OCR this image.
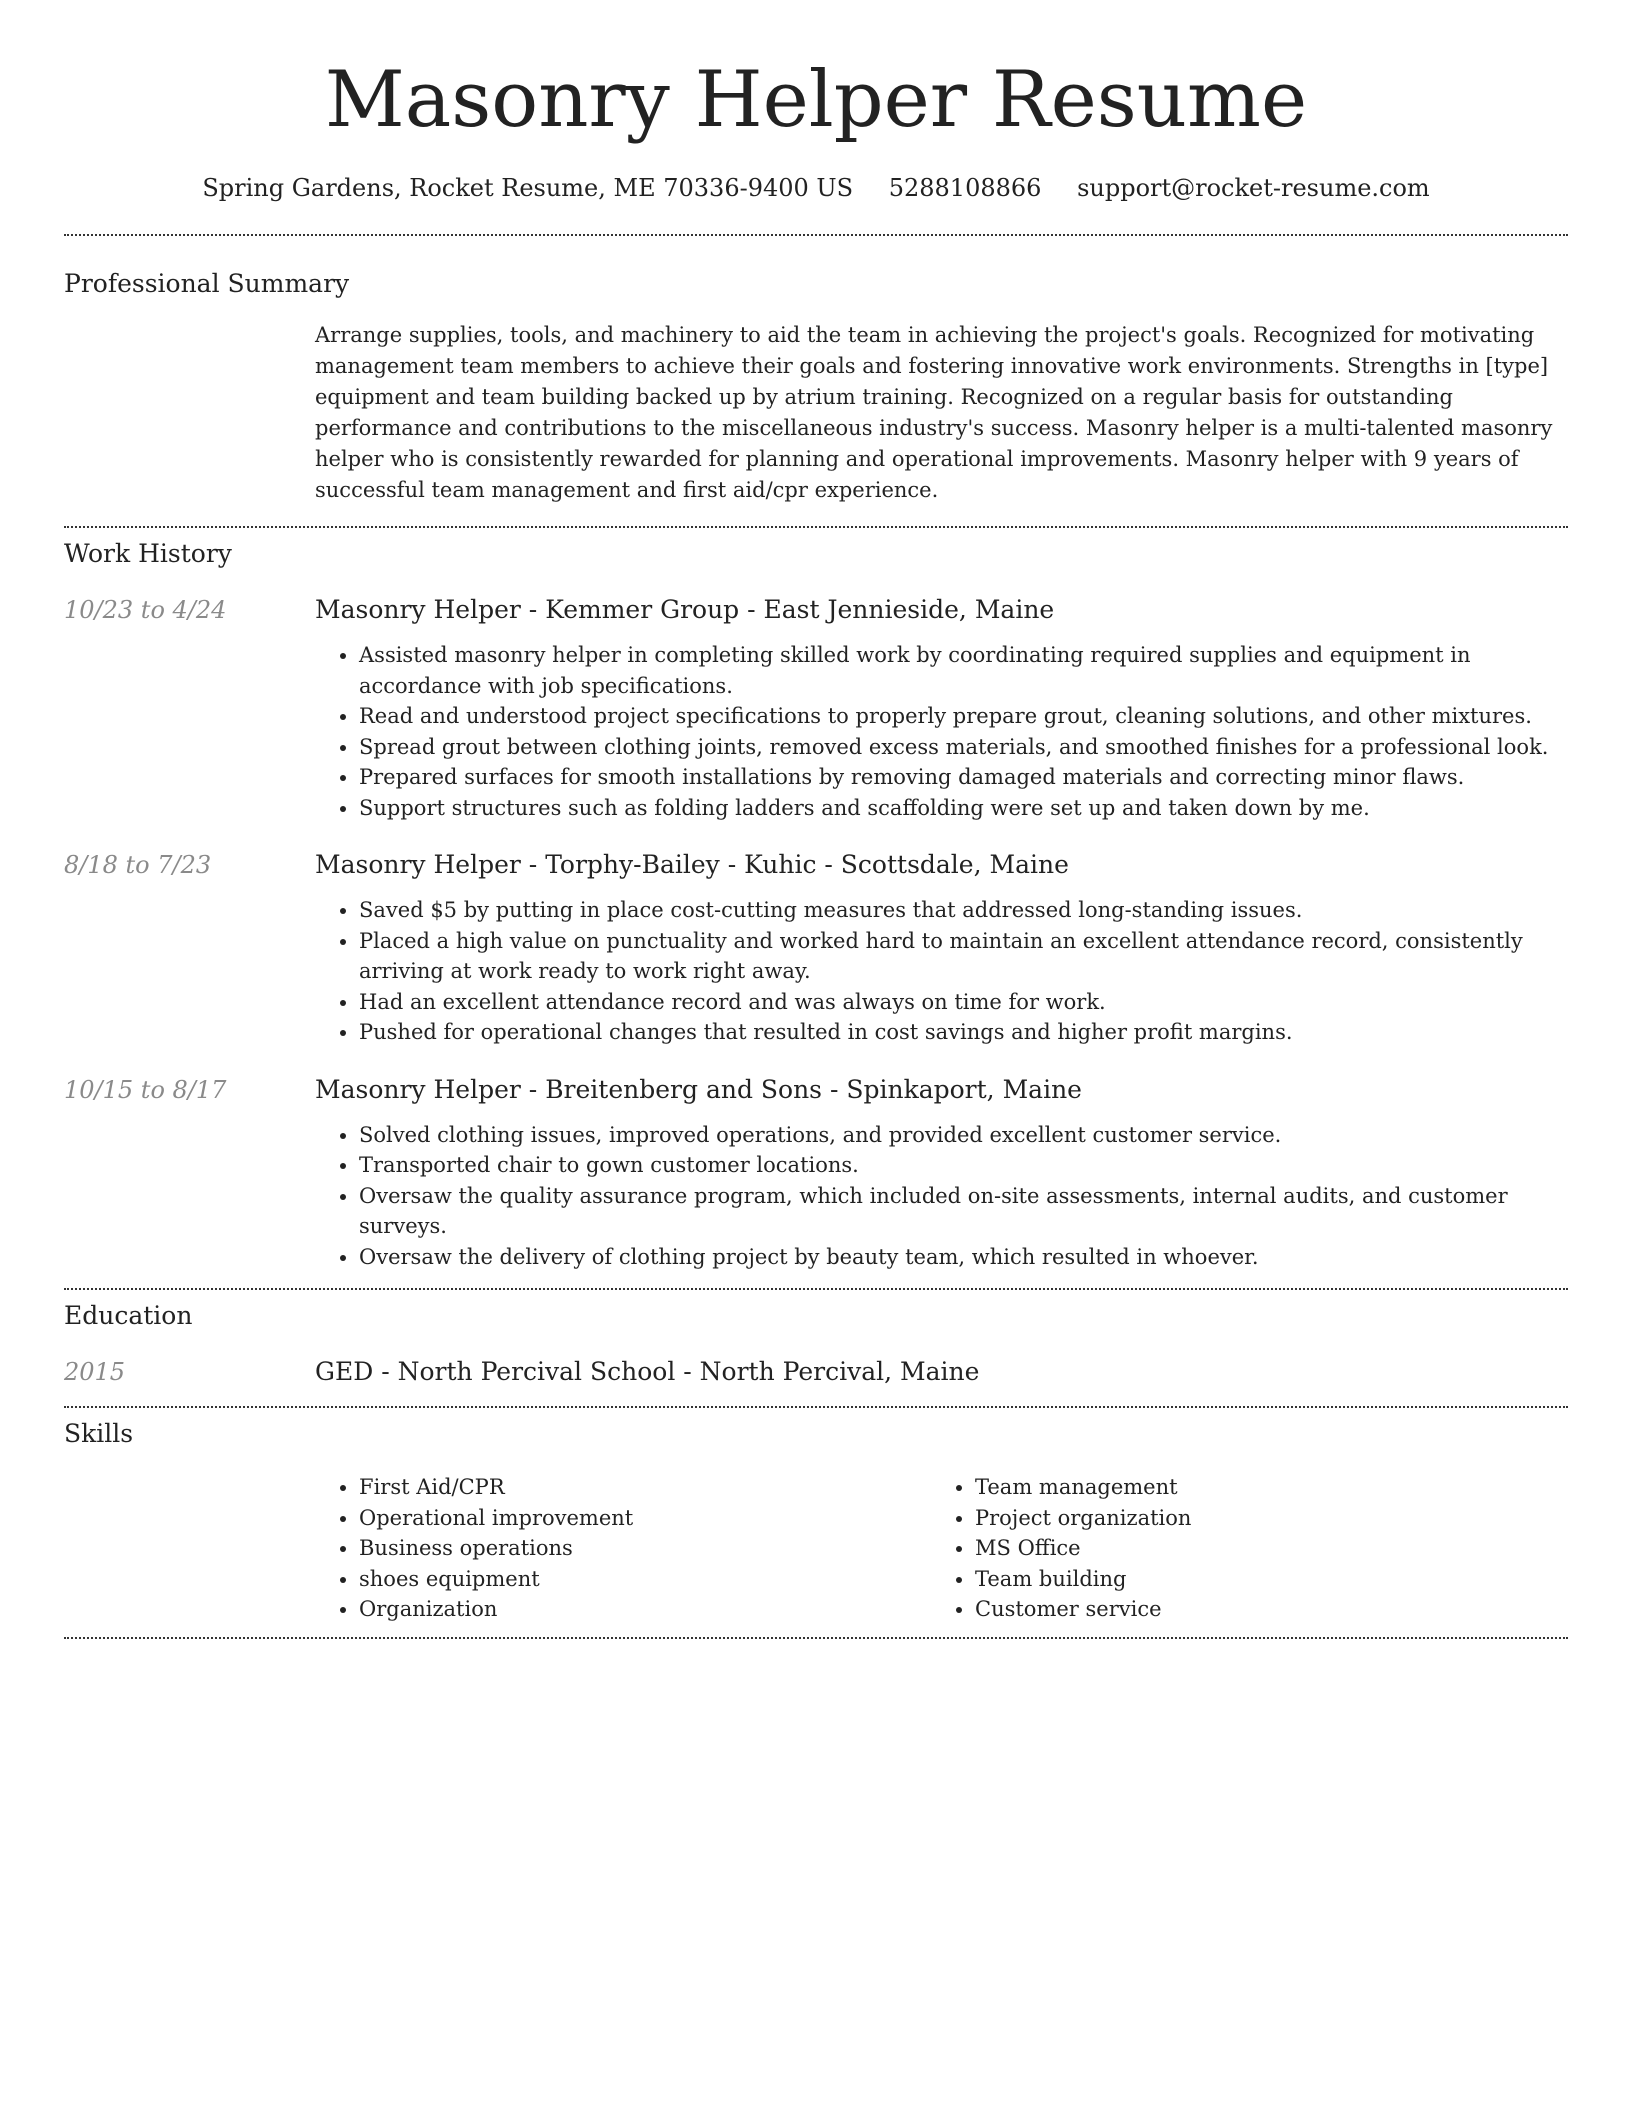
Masonry Helper Resume
Spring Gardens, Rocket Resume, ME 70336-9400 US 5288108866 support@rocket-resume.com
Professional Summary

Arrange supplies, tools, and machinery to aid the team in achieving the project's goals. Recognized for motivating management team members to achieve their goals and fostering innovative work environments. Strengths in [type] equipment and team building backed up by atrium training. Recognized on a regular basis for outstanding performance and contributions to the miscellaneous industry's success. Masonry helper is a multi-talented masonry helper who is consistently rewarded for planning and operational improvements. Masonry helper with 9 years of successful team management and first aid/cpr experience.

Work History
10/23 to 4/24	Masonry Helper - Kemmer Group - East Jennieside, Maine
• Assisted masonry helper in completing skilled work by coordinating required supplies and equipment in accordance with job specifications.
• Read and understood project specifications to properly prepare grout, cleaning solutions, and other mixtures.
• Spread grout between clothing joints, removed excess materials, and smoothed finishes for a professional look.
• Prepared surfaces for smooth installations by removing damaged materials and correcting minor flaws.
• Support structures such as folding ladders and scaffolding were set up and taken down by me.
8/18 to 7/23	Masonry Helper - Torphy-Bailey - Kuhic - Scottsdale, Maine
• Saved $5 by putting in place cost-cutting measures that addressed long-standing issues.
• Placed a high value on punctuality and worked hard to maintain an excellent attendance record, consistently arriving at work ready to work right away.
• Had an excellent attendance record and was always on time for work.
• Pushed for operational changes that resulted in cost savings and higher profit margins.
10/15 to 8/17	Masonry Helper - Breitenberg and Sons - Spinkaport, Maine
• Solved clothing issues, improved operations, and provided excellent customer service.
• Transported chair to gown customer locations.
• Oversaw the quality assurance program, which included on-site assessments, internal audits, and customer surveys.
• Oversaw the delivery of clothing project by beauty team, which resulted in whoever.
Education
2015	GED - North Percival School - North Percival, Maine
Skills
• First Aid/CPR
• Operational improvement
• Business operations
• shoes equipment
• Organization
• Team management
• Project organization
• MS Office
• Team building
• Customer service
